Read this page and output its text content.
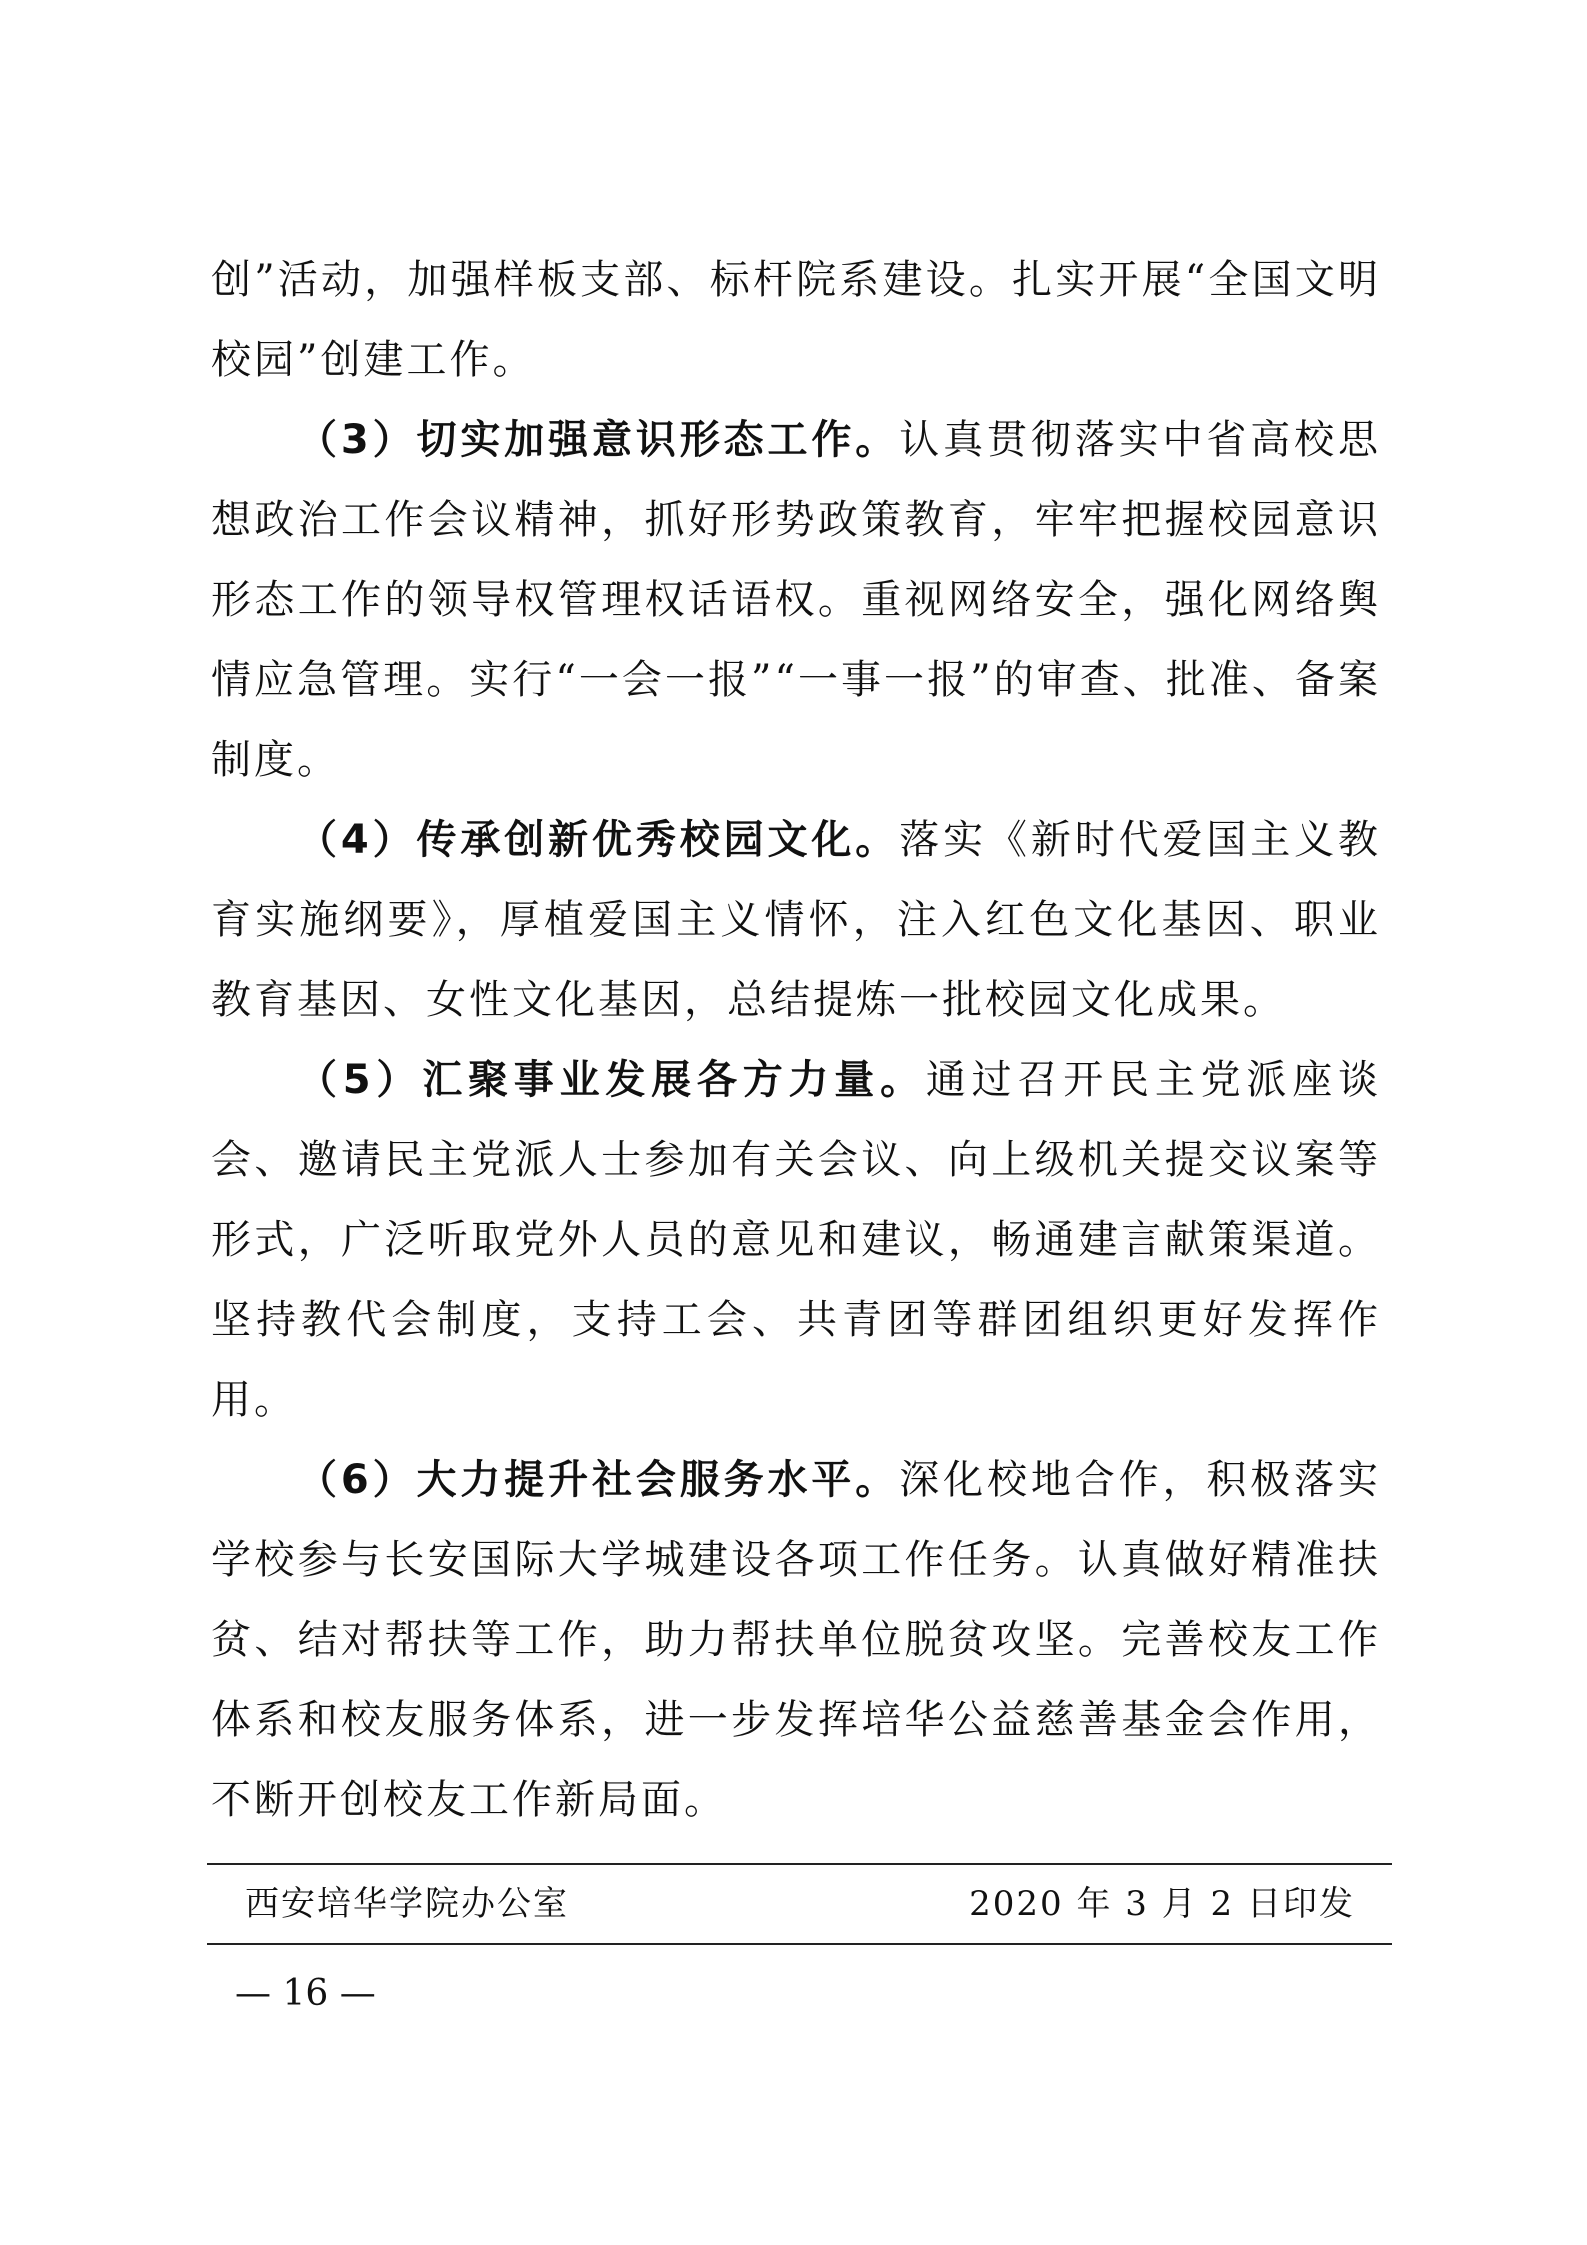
创”活动，加强样板支部、标杆院系建设。扎实开展“全国文明校园”创建工作。

（3）切实加强意识形态工作。认真贯彻落实中省高校思想政治工作会议精神，抓好形势政策教育，牢牢把握校园意识形态工作的领导权管理权话语权。重视网络安全，强化网络舆情应急管理。实行“一会一报”“一事一报”的审查、批准、备案制度。

（4）传承创新优秀校园文化。落实《新时代爱国主义教育实施纲要》，厚植爱国主义情怀，注入红色文化基因、职业教育基因、女性文化基因，总结提炼一批校园文化成果。

（5）汇聚事业发展各方力量。通过召开民主党派座谈会、邀请民主党派人士参加有关会议、向上级机关提交议案等形式，广泛听取党外人员的意见和建议，畅通建言献策渠道。坚持教代会制度，支持工会、共青团等群团组织更好发挥作用。

（6）大力提升社会服务水平。深化校地合作，积极落实学校参与长安国际大学城建设各项工作任务。认真做好精准扶贫、结对帮扶等工作，助力帮扶单位脱贫攻坚。完善校友工作体系和校友服务体系，进一步发挥培华公益慈善基金会作用，不断开创校友工作新局面。

西安培华学院办公室	2020 年 3 月 2 日印发
— 16 —
